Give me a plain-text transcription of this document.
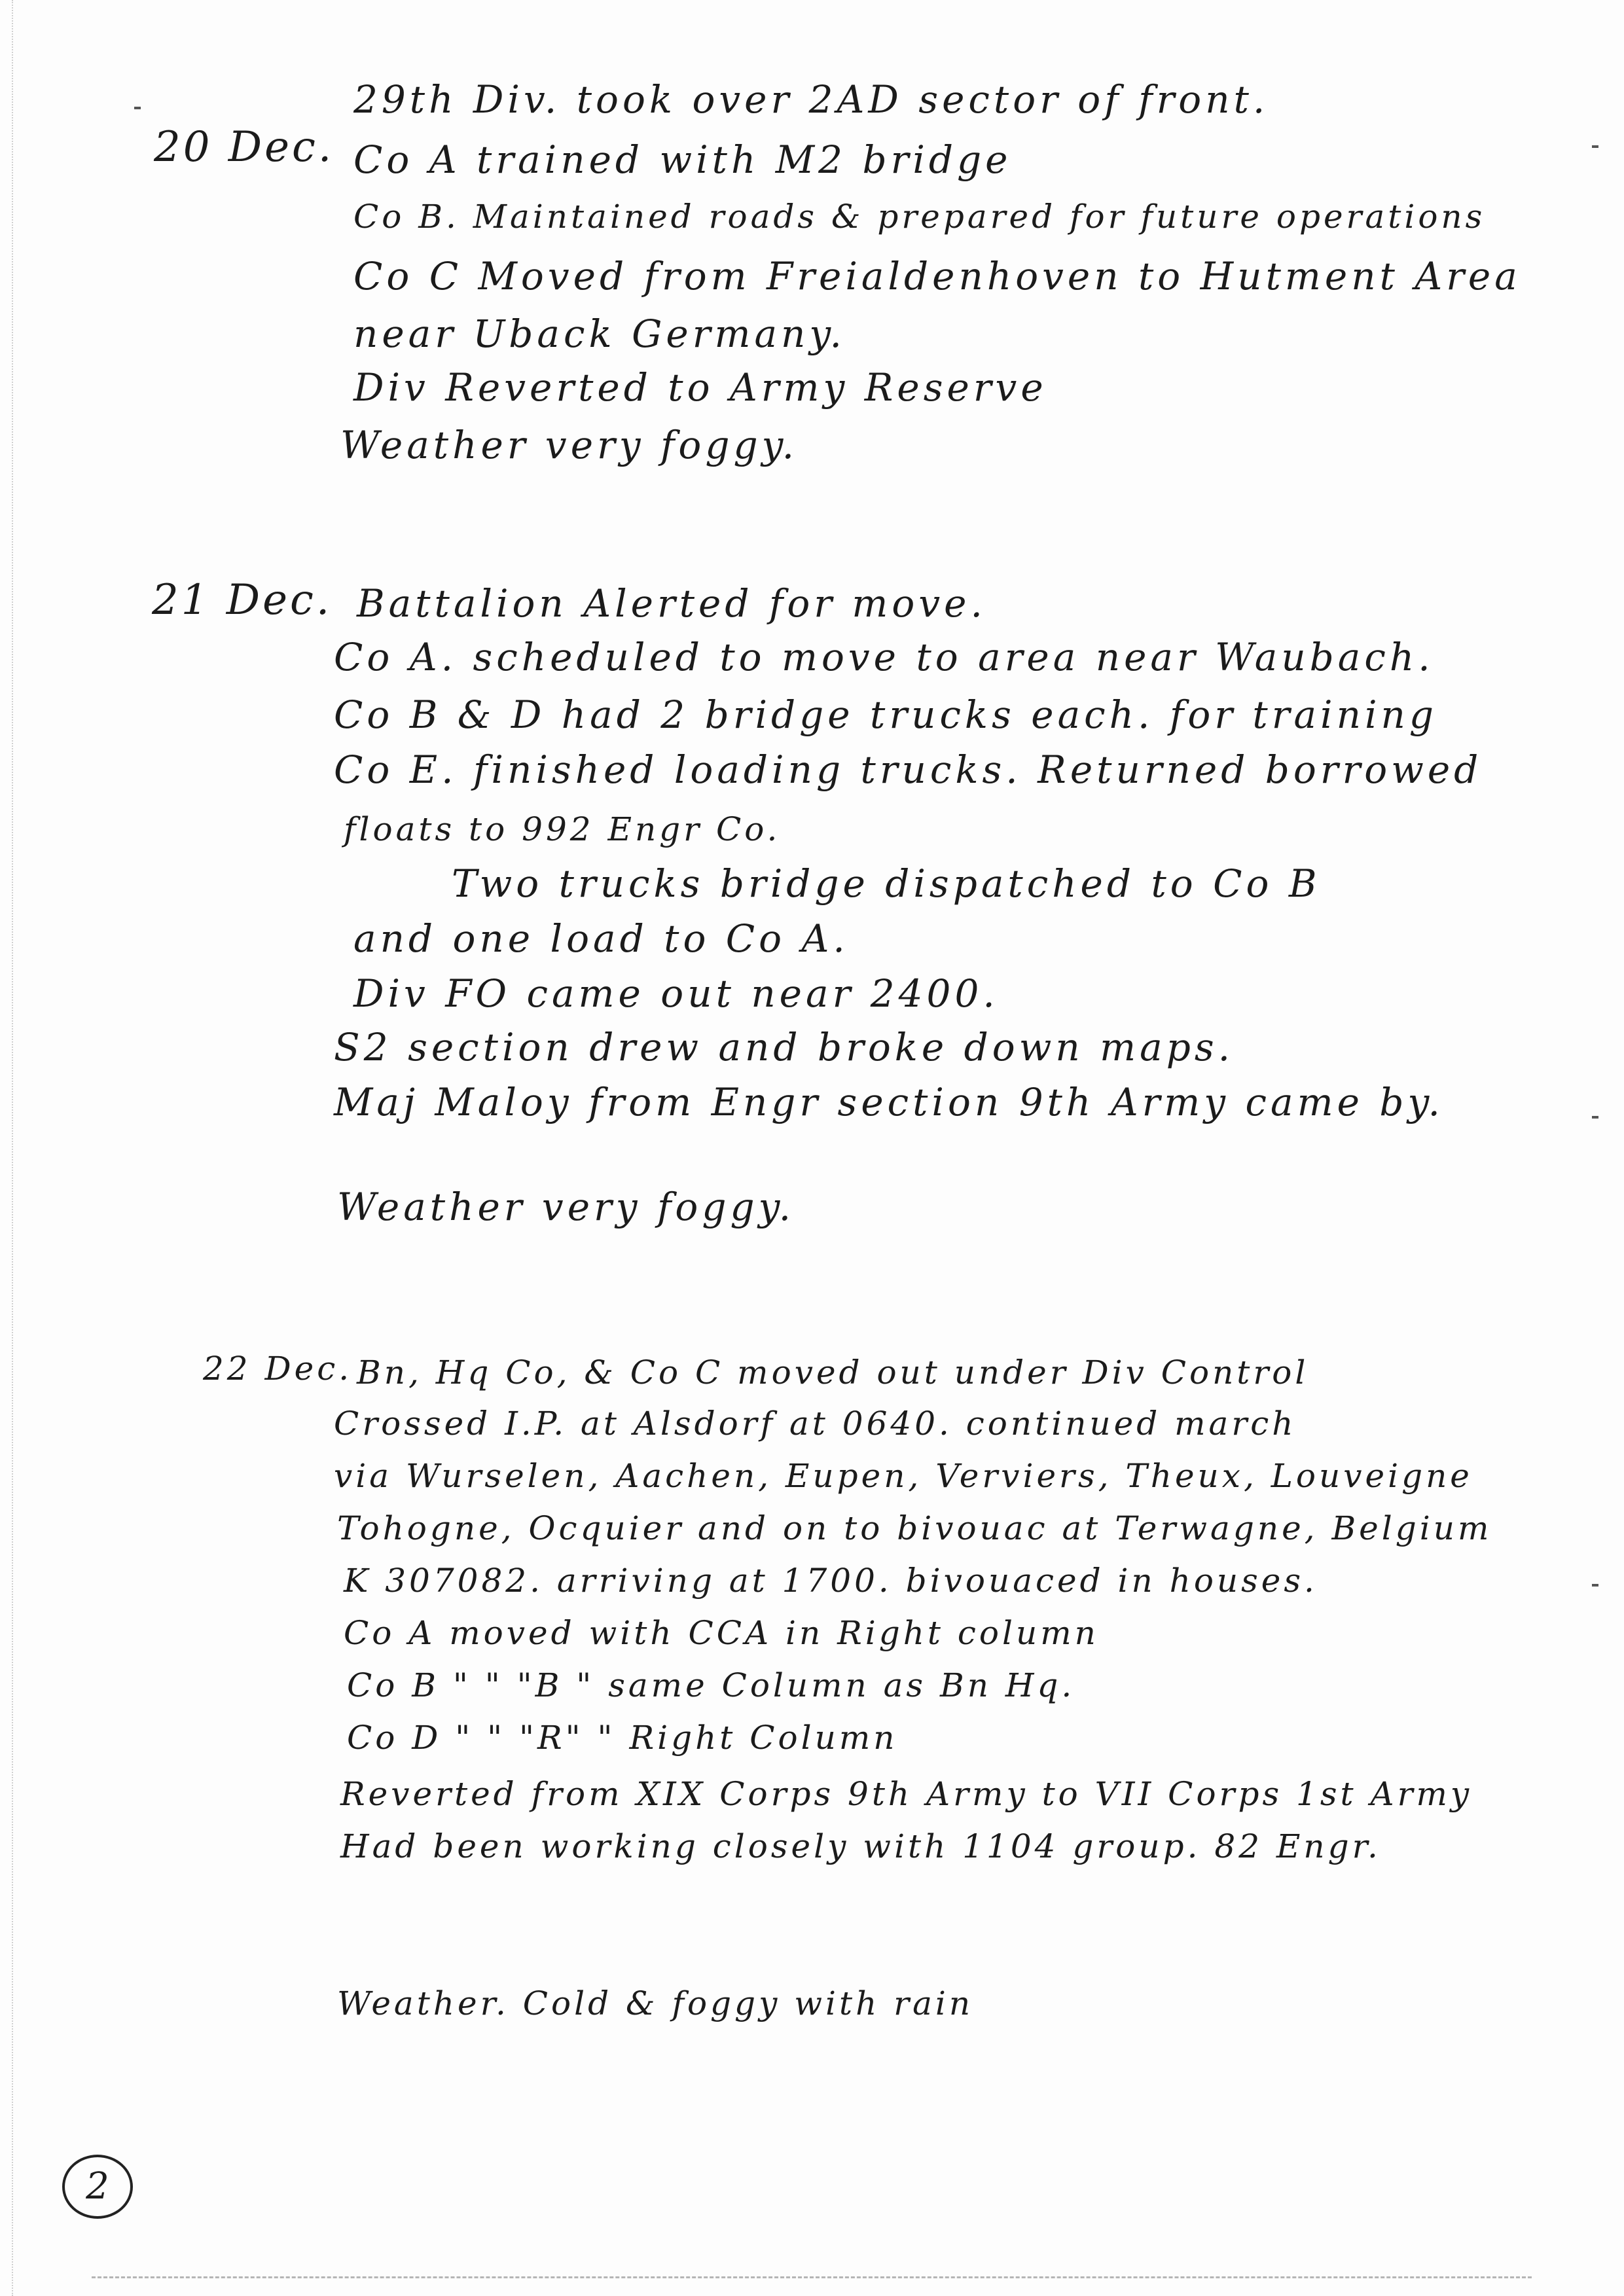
29th Div. took over 2AD sector of front.
20 Dec. Co A trained with M2 bridge
Co B. Maintained roads & prepared for future operations
Co C Moved from Freialdenhoven to Hutment Area
near Uback Germany.
Div Reverted to Army Reserve
Weather very foggy.
21 Dec. Battalion Alerted for move.
Co A. scheduled to move to area near Waubach.
Co B & D had 2 bridge trucks each. for training
Co E. finished loading trucks. Returned borrowed
floats to 992 Engr Co.
Two trucks bridge dispatched to Co B
and one load to Co A.
Div FO came out near 2400.
S2 section drew and broke down maps.
Maj Maloy from Engr section 9th Army came by.
Weather very foggy.
22 Dec. Bn, Hq Co, & Co C moved out under Div Control
Crossed I.P. at Alsdorf at 0640. continued march
via Wurselen, Aachen, Eupen, Verviers, Theux, Louveigne
Tohogne, Ocquier and on to bivouac at Terwagne, Belgium
K 307082. arriving at 1700. bivouaced in houses.
Co A moved with CCA in Right column
Co B " " "B " same Column as Bn Hq.
Co D " " "R" " Right Column
Reverted from XIX Corps 9th Army to VII Corps 1st Army
Had been working closely with 1104 group. 82 Engr.
Weather. Cold & foggy with rain
2
